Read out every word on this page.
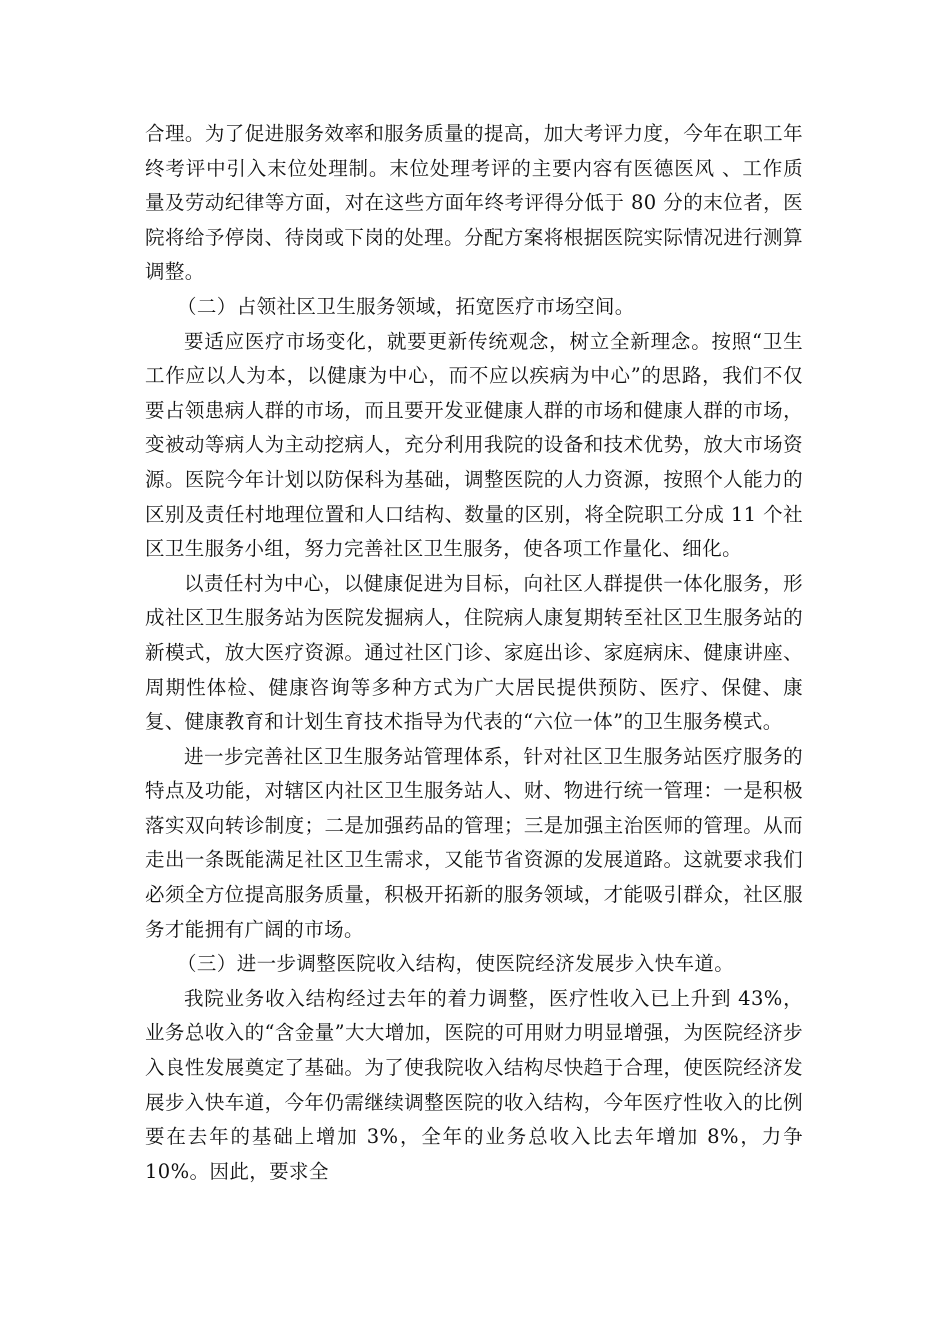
合理。为了促进服务效率和服务质量的提高，加大考评力度，今年在职工年终考评中引入末位处理制。末位处理考评的主要内容有医德医风 、工作质量及劳动纪律等方面，对在这些方面年终考评得分低于 80 分的末位者，医院将给予停岗、待岗或下岗的处理。分配方案将根据医院实际情况进行测算调整。

（二）占领社区卫生服务领域，拓宽医疗市场空间。

要适应医疗市场变化，就要更新传统观念，树立全新理念。按照“卫生工作应以人为本，以健康为中心，而不应以疾病为中心”的思路，我们不仅要占领患病人群的市场，而且要开发亚健康人群的市场和健康人群的市场，变被动等病人为主动挖病人，充分利用我院的设备和技术优势，放大市场资源。医院今年计划以防保科为基础，调整医院的人力资源，按照个人能力的区别及责任村地理位置和人口结构、数量的区别，将全院职工分成 11 个社区卫生服务小组，努力完善社区卫生服务，使各项工作量化、细化。

以责任村为中心，以健康促进为目标，向社区人群提供一体化服务，形成社区卫生服务站为医院发掘病人，住院病人康复期转至社区卫生服务站的新模式，放大医疗资源。通过社区门诊、家庭出诊、家庭病床、健康讲座、周期性体检、健康咨询等多种方式为广大居民提供预防、医疗、保健、康复、健康教育和计划生育技术指导为代表的“六位一体”的卫生服务模式。

进一步完善社区卫生服务站管理体系，针对社区卫生服务站医疗服务的特点及功能，对辖区内社区卫生服务站人、财、物进行统一管理：一是积极落实双向转诊制度；二是加强药品的管理；三是加强主治医师的管理。从而走出一条既能满足社区卫生需求，又能节省资源的发展道路。这就要求我们必须全方位提高服务质量，积极开拓新的服务领域，才能吸引群众，社区服务才能拥有广阔的市场。

（三）进一步调整医院收入结构，使医院经济发展步入快车道。

我院业务收入结构经过去年的着力调整，医疗性收入已上升到 43%，业务总收入的“含金量”大大增加，医院的可用财力明显增强，为医院经济步入良性发展奠定了基础。为了使我院收入结构尽快趋于合理，使医院经济发展步入快车道，今年仍需继续调整医院的收入结构，今年医疗性收入的比例要在去年的基础上增加 3%，全年的业务总收入比去年增加 8%，力争 10%。因此，要求全
